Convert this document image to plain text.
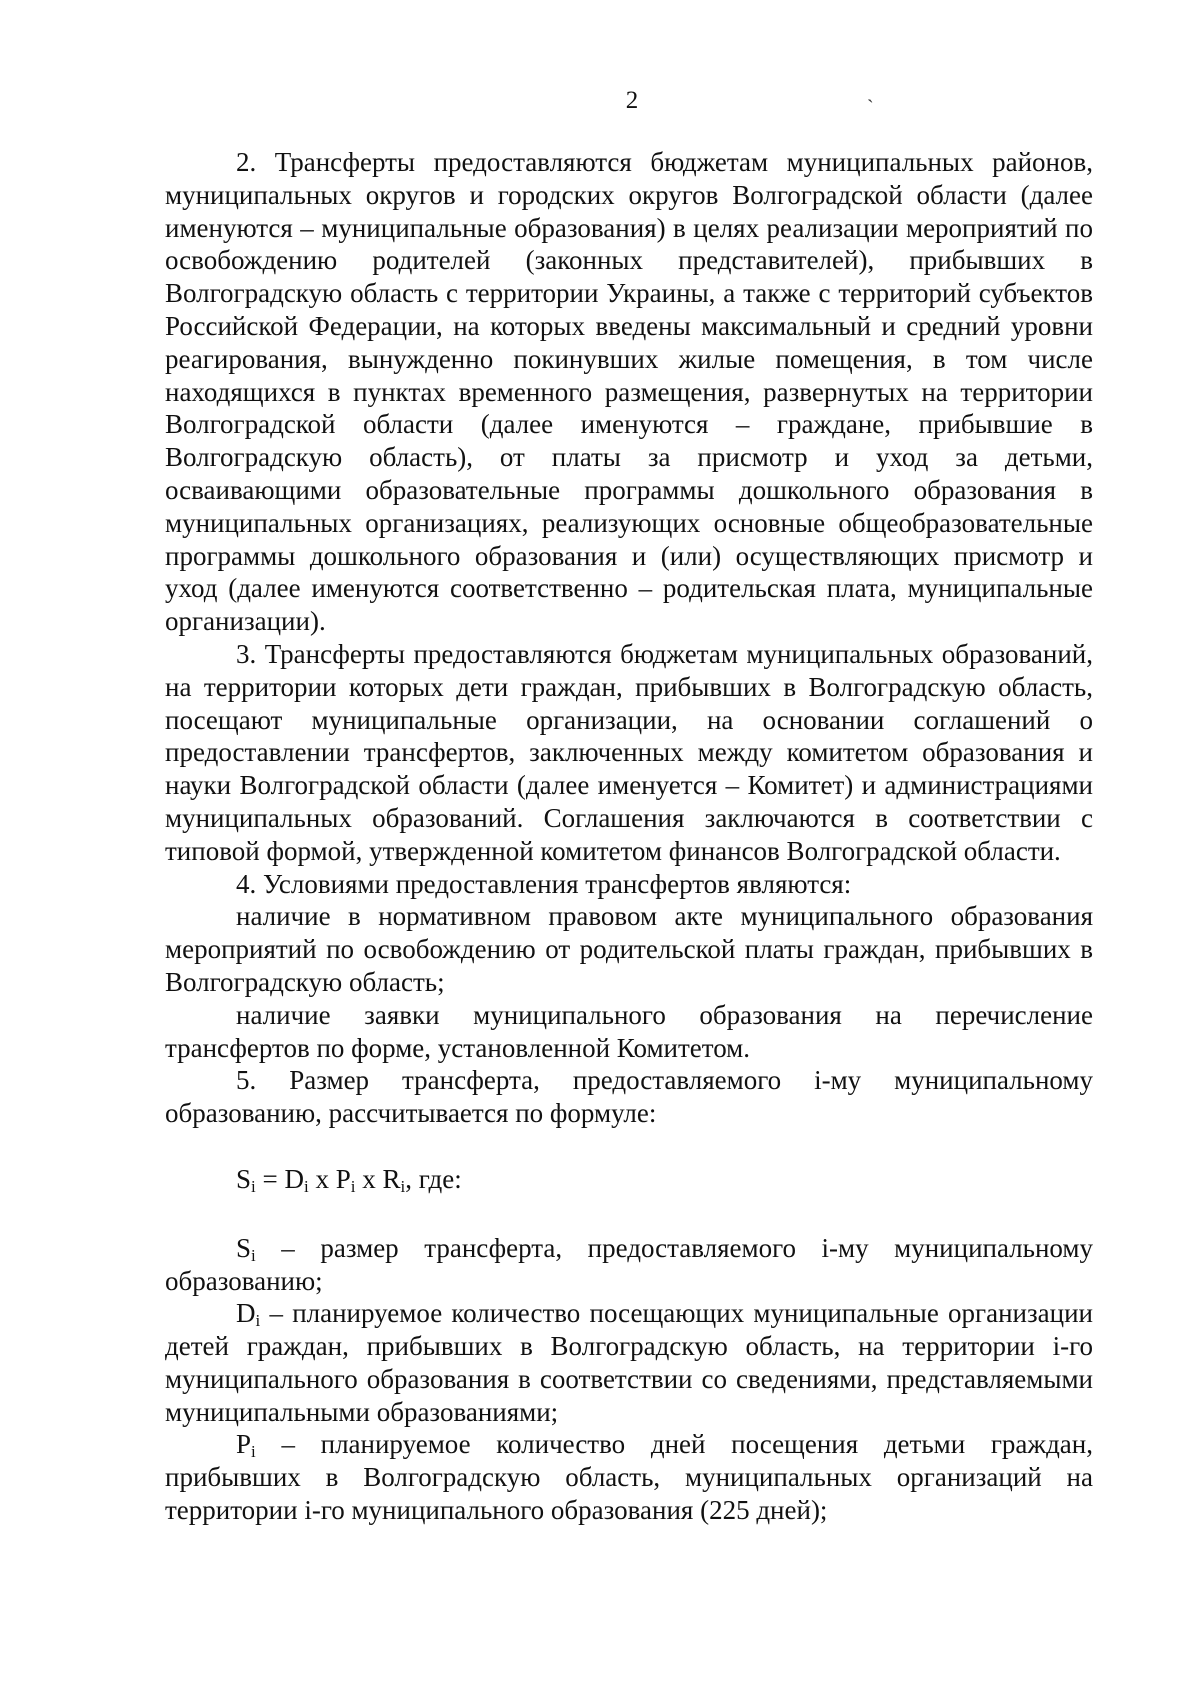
2	ˎ

2. Трансферты предоставляются бюджетам муниципальных районов, муниципальных округов и городских округов Волгоградской области (далее именуются – муниципальные образования) в целях реализации мероприятий по освобождению родителей (законных представителей), прибывших в Волгоградскую область с территории Украины, а также с территорий субъектов Российской Федерации, на которых введены максимальный и средний уровни реагирования, вынужденно покинувших жилые помещения, в том числе находящихся в пунктах временного размещения, развернутых на территории Волгоградской области (далее именуются – граждане, прибывшие в Волгоградскую область), от платы за присмотр и уход за детьми, осваивающими образовательные программы дошкольного образования в муниципальных организациях, реализующих основные общеобразовательные программы дошкольного образования и (или) осуществляющих присмотр и уход (далее именуются соответственно – родительская плата, муниципальные организации).

3. Трансферты предоставляются бюджетам муниципальных образований, на территории которых дети граждан, прибывших в Волгоградскую область, посещают муниципальные организации, на основании соглашений о предоставлении трансфертов, заключенных между комитетом образования и науки Волгоградской области (далее именуется – Комитет) и администрациями муниципальных образований. Соглашения заключаются в соответствии с типовой формой, утвержденной комитетом финансов Волгоградской области.

4. Условиями предоставления трансфертов являются:

наличие в нормативном правовом акте муниципального образования мероприятий по освобождению от родительской платы граждан, прибывших в Волгоградскую область;

наличие заявки муниципального образования на перечисление трансфертов по форме, установленной Комитетом.

5. Размер трансферта, предоставляемого i-му муниципальному образованию, рассчитывается по формуле:

$S_i = D_i$ x $P_i$ x $R_i$, где:

$S_i$ – размер трансферта, предоставляемого i-му муниципальному образованию;

$D_i$ – планируемое количество посещающих муниципальные организации детей граждан, прибывших в Волгоградскую область, на территории i-го муниципального образования в соответствии со сведениями, представляемыми муниципальными образованиями;

$P_i$ – планируемое количество дней посещения детьми граждан, прибывших в Волгоградскую область, муниципальных организаций на территории i-го муниципального образования (225 дней);
